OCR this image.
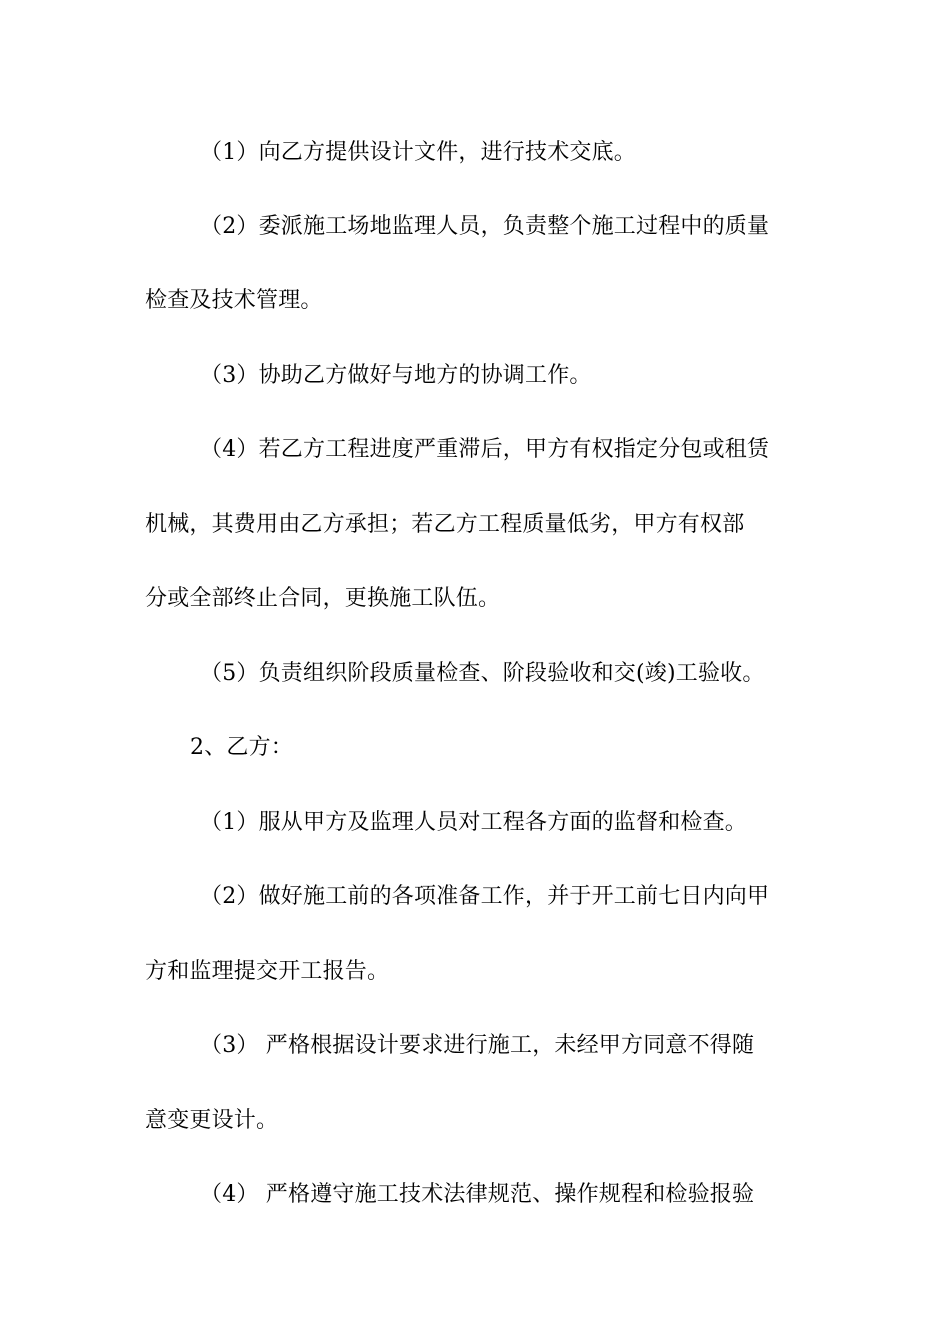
（1）向乙方提供设计文件，进行技术交底。
（2）委派施工场地监理人员，负责整个施工过程中的质量
检查及技术管理。
（3）协助乙方做好与地方的协调工作。
（4）若乙方工程进度严重滞后，甲方有权指定分包或租赁
机械，其费用由乙方承担；若乙方工程质量低劣，甲方有权部
分或全部终止合同，更换施工队伍。
（5）负责组织阶段质量检查、阶段验收和交(竣)工验收。
2、乙方：
（1）服从甲方及监理人员对工程各方面的监督和检查。
（2）做好施工前的各项准备工作，并于开工前七日内向甲
方和监理提交开工报告。
（3） 严格根据设计要求进行施工，未经甲方同意不得随
意变更设计。
（4） 严格遵守施工技术法律规范、操作规程和检验报验
